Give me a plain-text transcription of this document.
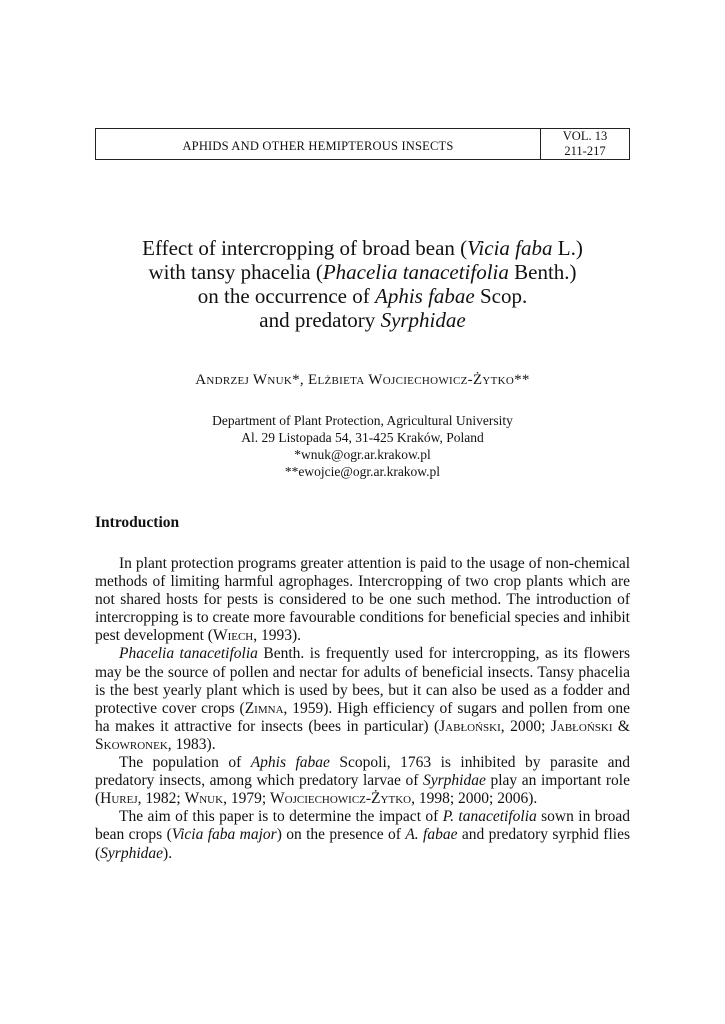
APHIDS AND OTHER HEMIPTEROUS INSECTS
VOL. 13
211-217
Effect of intercropping of broad bean (Vicia faba L.)
with tansy phacelia (Phacelia tanacetifolia Benth.)
on the occurrence of Aphis fabae Scop.
and predatory Syrphidae
Andrzej Wnuk*, Elżbieta Wojciechowicz-Żytko**
Department of Plant Protection, Agricultural University
Al. 29 Listopada 54, 31-425 Kraków, Poland
*wnuk@ogr.ar.krakow.pl
**ewojcie@ogr.ar.krakow.pl
Introduction

In plant protection programs greater attention is paid to the usage of non-chemical methods of limiting harmful agrophages. Intercropping of two crop plants which are not shared hosts for pests is considered to be one such method. The introduction of intercropping is to create more favourable conditions for beneficial species and inhibit pest development (Wiech, 1993).

Phacelia tanacetifolia Benth. is frequently used for intercropping, as its flowers may be the source of pollen and nectar for adults of beneficial insects. Tansy phacelia is the best yearly plant which is used by bees, but it can also be used as a fodder and protective cover crops (Zimna, 1959). High efficiency of sugars and pollen from one ha makes it attractive for insects (bees in particular) (Jabłoński, 2000; Jabłoński & Skowronek, 1983).

The population of Aphis fabae Scopoli, 1763 is inhibited by parasite and predatory insects, among which predatory larvae of Syrphidae play an important role (Hurej, 1982; Wnuk, 1979; Wojciechowicz-Żytko, 1998; 2000; 2006).

The aim of this paper is to determine the impact of P. tanacetifolia sown in broad bean crops (Vicia faba major) on the presence of A. fabae and predatory syrphid flies (Syrphidae).
